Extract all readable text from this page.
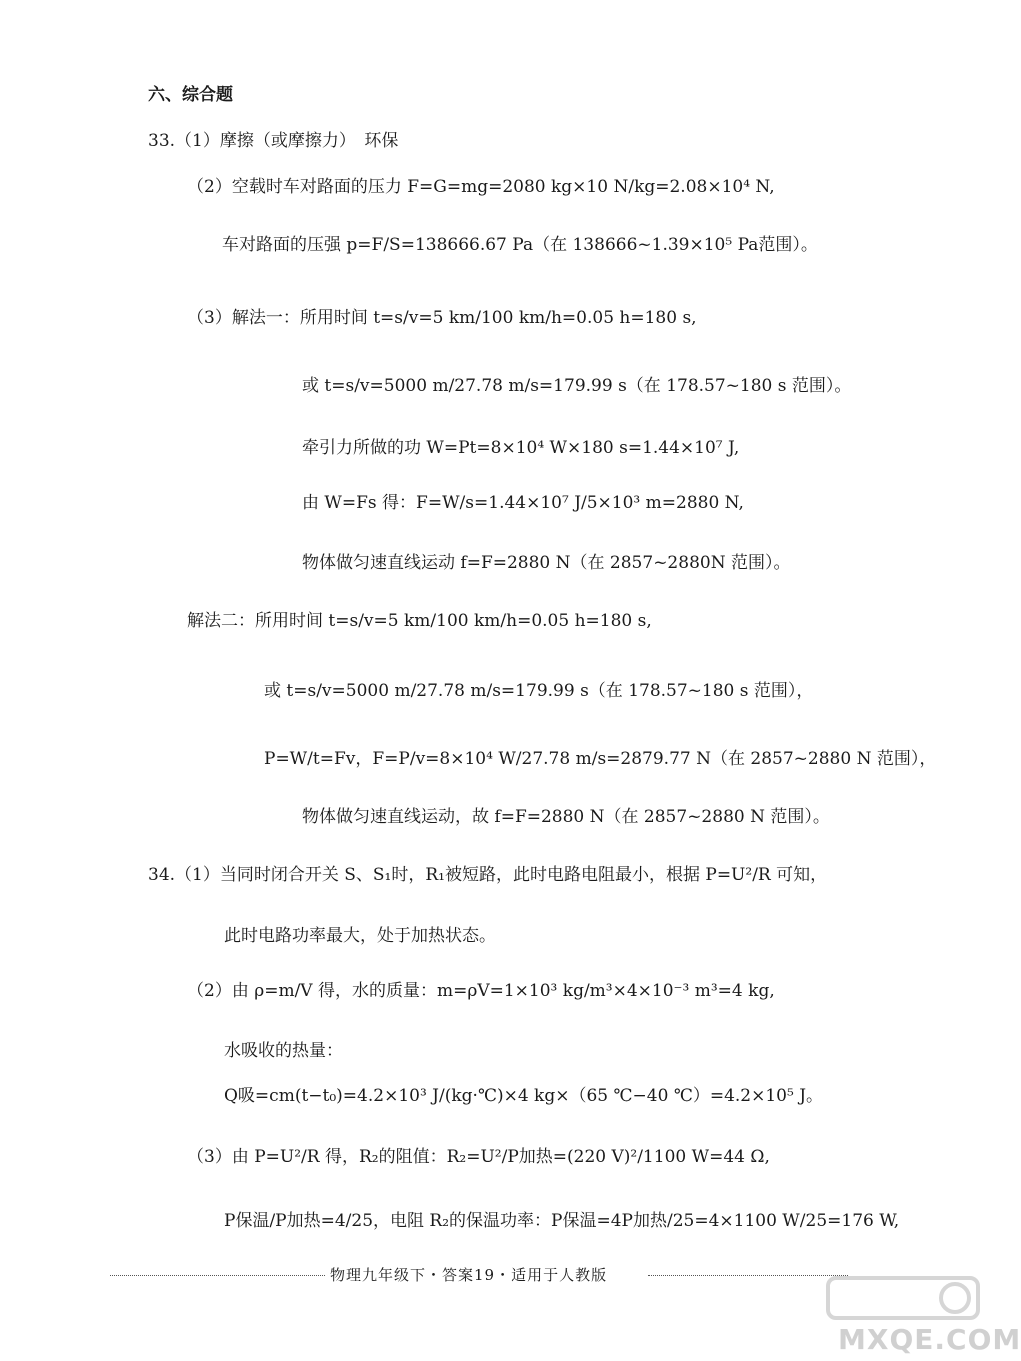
六、综合题
33.（1）摩擦（或摩擦力）　环保
（2）空载时车对路面的压力 F=G=mg=2080 kg×10 N/kg=2.08×10⁴ N,
车对路面的压强 p=F/S=138666.67 Pa（在 138666~1.39×10⁵ Pa范围）。
（3）解法一：所用时间 t=s/v=5 km/100 km/h=0.05 h=180 s,
或 t=s/v=5000 m/27.78 m/s=179.99 s（在 178.57~180 s 范围）。
牵引力所做的功 W=Pt=8×10⁴ W×180 s=1.44×10⁷ J,
由 W=Fs 得：F=W/s=1.44×10⁷ J/5×10³ m=2880 N,
物体做匀速直线运动 f=F=2880 N（在 2857~2880N 范围）。
解法二：所用时间 t=s/v=5 km/100 km/h=0.05 h=180 s,
或 t=s/v=5000 m/27.78 m/s=179.99 s（在 178.57~180 s 范围），
P=W/t=Fv，F=P/v=8×10⁴ W/27.78 m/s=2879.77 N（在 2857~2880 N 范围），
物体做匀速直线运动，故 f=F=2880 N（在 2857~2880 N 范围）。
34.（1）当同时闭合开关 S、S₁时，R₁被短路，此时电路电阻最小，根据 P=U²/R 可知，
此时电路功率最大，处于加热状态。
（2）由 ρ=m/V 得，水的质量：m=ρV=1×10³ kg/m³×4×10⁻³ m³=4 kg,
水吸收的热量：
Q吸=cm(t−t₀)=4.2×10³ J/(kg·℃)×4 kg×（65 ℃−40 ℃）=4.2×10⁵ J。
（3）由 P=U²/R 得，R₂的阻值：R₂=U²/P加热=(220 V)²/1100 W=44 Ω,
P保温/P加热=4/25，电阻 R₂的保温功率：P保温=4P加热/25=4×1100 W/25=176 W,
物理九年级下・答案19・适用于人教版
MXQE.COM
